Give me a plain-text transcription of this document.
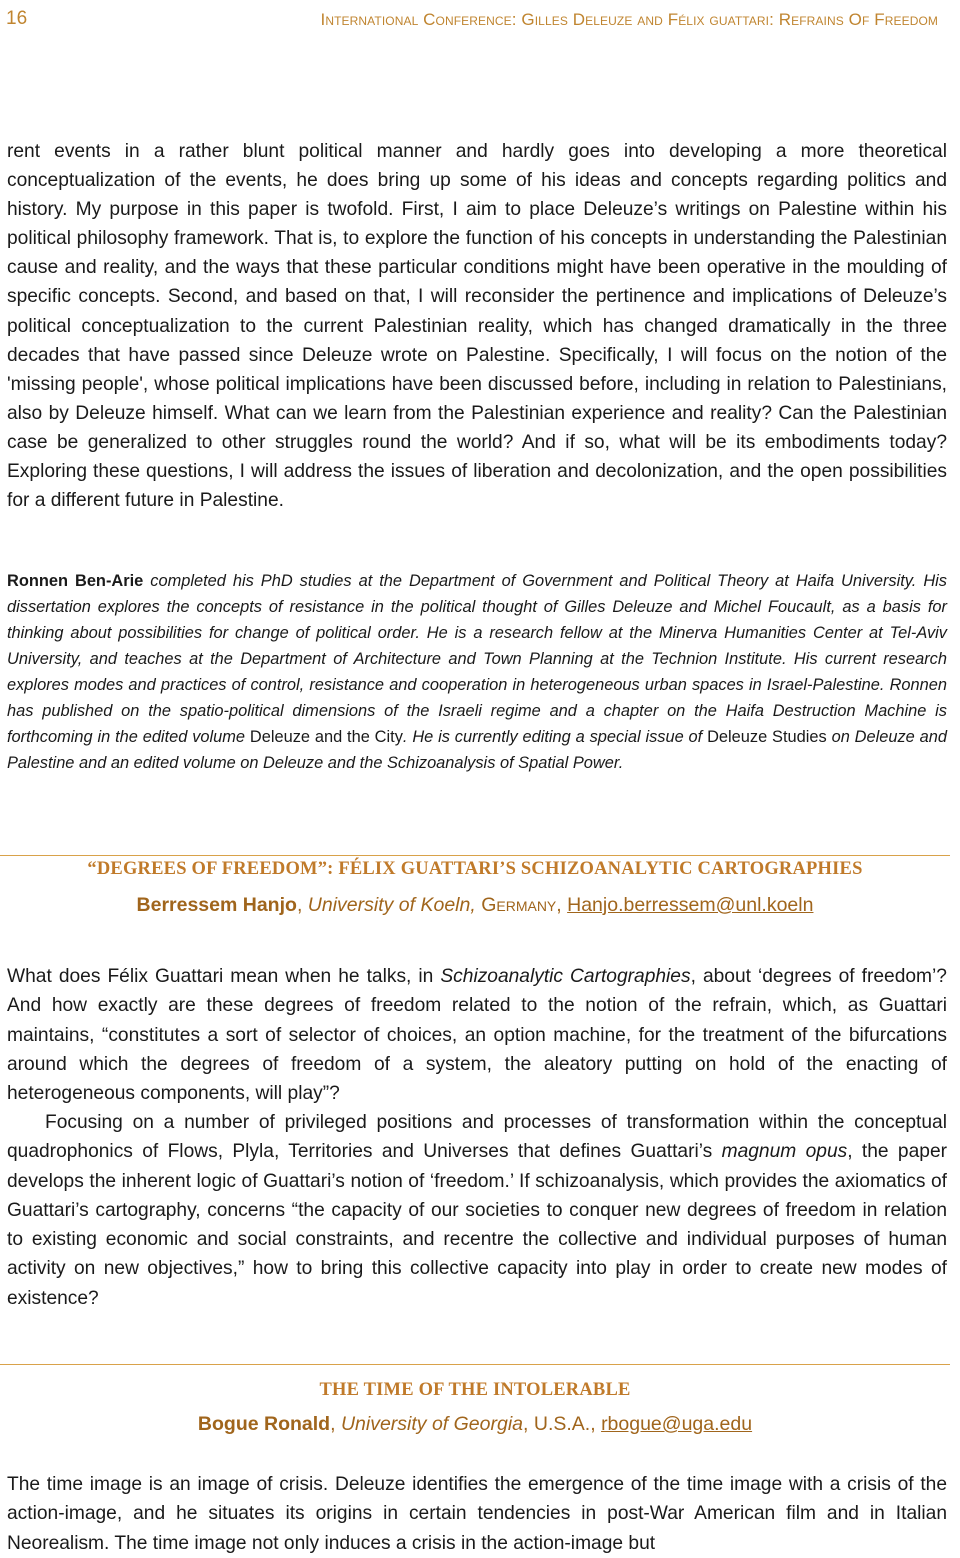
16	International Conference: Gilles Deleuze and Félix guattari: Refrains Of Freedom

rent events in a rather blunt political manner and hardly goes into developing a more theoretical conceptualization of the events, he does bring up some of his ideas and concepts regarding politics and history. My purpose in this paper is twofold. First, I aim to place Deleuze’s writings on Palestine within his political philosophy framework. That is, to explore the function of his concepts in understanding the Palestinian cause and reality, and the ways that these particular conditions might have been operative in the moulding of specific concepts. Second, and based on that, I will reconsider the pertinence and implications of Deleuze’s political conceptualization to the current Palestinian reality, which has changed dramatically in the three decades that have passed since Deleuze wrote on Palestine. Specifically, I will focus on the notion of the 'missing people', whose political implications have been discussed before, including in relation to Palestinians, also by Deleuze himself. What can we learn from the Palestinian experience and reality? Can the Palestinian case be generalized to other struggles round the world? And if so, what will be its embodiments today? Exploring these questions, I will address the issues of liberation and decolonization, and the open possibilities for a different future in Palestine.

Ronnen Ben-Arie completed his PhD studies at the Department of Government and Political Theory at Haifa University. His dissertation explores the concepts of resistance in the political thought of Gilles Deleuze and Michel Foucault, as a basis for thinking about possibilities for change of political order. He is a research fellow at the Minerva Humanities Center at Tel-Aviv University, and teaches at the Department of Architecture and Town Planning at the Technion Institute. His current research explores modes and practices of control, resistance and cooperation in heterogeneous urban spaces in Israel-Palestine. Ronnen has published on the spatio-political dimensions of the Israeli regime and a chapter on the Haifa Destruction Machine is forthcoming in the edited volume Deleuze and the City. He is currently editing a special issue of Deleuze Studies on Deleuze and Palestine and an edited volume on Deleuze and the Schizoanalysis of Spatial Power.

“DEGREES OF FREEDOM”: FÉLIX GUATTARI’S SCHIZOANALYTIC CARTOGRAPHIES
Berressem Hanjo, University of Koeln, Germany, Hanjo.berressem@unl.koeln

What does Félix Guattari mean when he talks, in Schizoanalytic Cartographies, about ‘degrees of freedom’? And how exactly are these degrees of freedom related to the notion of the refrain, which, as Guattari maintains, “constitutes a sort of selector of choices, an option machine, for the treatment of the bifurcations around which the degrees of freedom of a system, the aleatory putting on hold of the enacting of heterogeneous components, will play”?

Focusing on a number of privileged positions and processes of transformation within the conceptual quadrophonics of Flows, Plyla, Territories and Universes that defines Guattari’s magnum opus, the paper develops the inherent logic of Guattari’s notion of ‘freedom.’ If schizoanalysis, which provides the axiomatics of Guattari’s cartography, concerns “the capacity of our societies to conquer new degrees of freedom in relation to existing economic and social constraints, and recentre the collective and individual purposes of human activity on new objectives,” how to bring this collective capacity into play in order to create new modes of existence?

THE TIME OF THE INTOLERABLE
Bogue Ronald, University of Georgia, U.S.A., rbogue@uga.edu

The time image is an image of crisis. Deleuze identifies the emergence of the time image with a crisis of the action-image, and he situates its origins in certain tendencies in post-War American film and in Italian Neorealism. The time image not only induces a crisis in the action-image but
